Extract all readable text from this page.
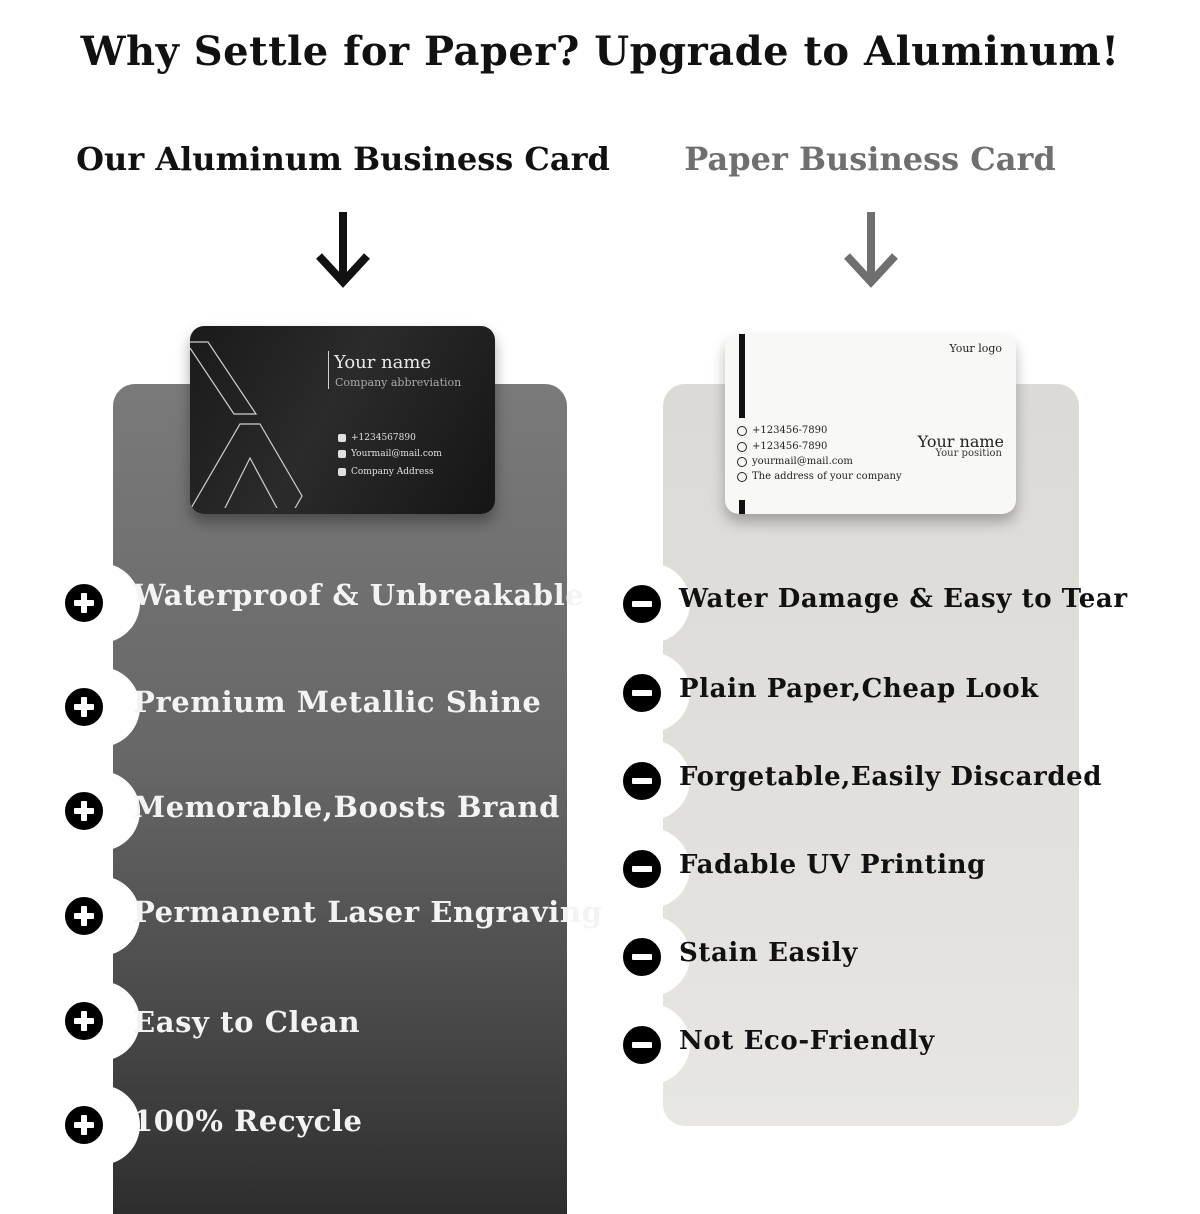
Why Settle for Paper? Upgrade to Aluminum!
Our Aluminum Business Card	Paper Business Card
Your name
Company abbreviation
+1234567890
Yourmail@mail.com
Company Address
Your logo
+123456-7890
+123456-7890
yourmail@mail.com
The address of your company
Your name
Your position
Waterproof & Unbreakable
Premium Metallic Shine
Memorable,Boosts Brand
Permanent Laser Engraving
Easy to Clean
100% Recycle
Water Damage & Easy to Tear
Plain Paper,Cheap Look
Forgetable,Easily Discarded
Fadable UV Printing
Stain Easily
Not Eco-Friendly
